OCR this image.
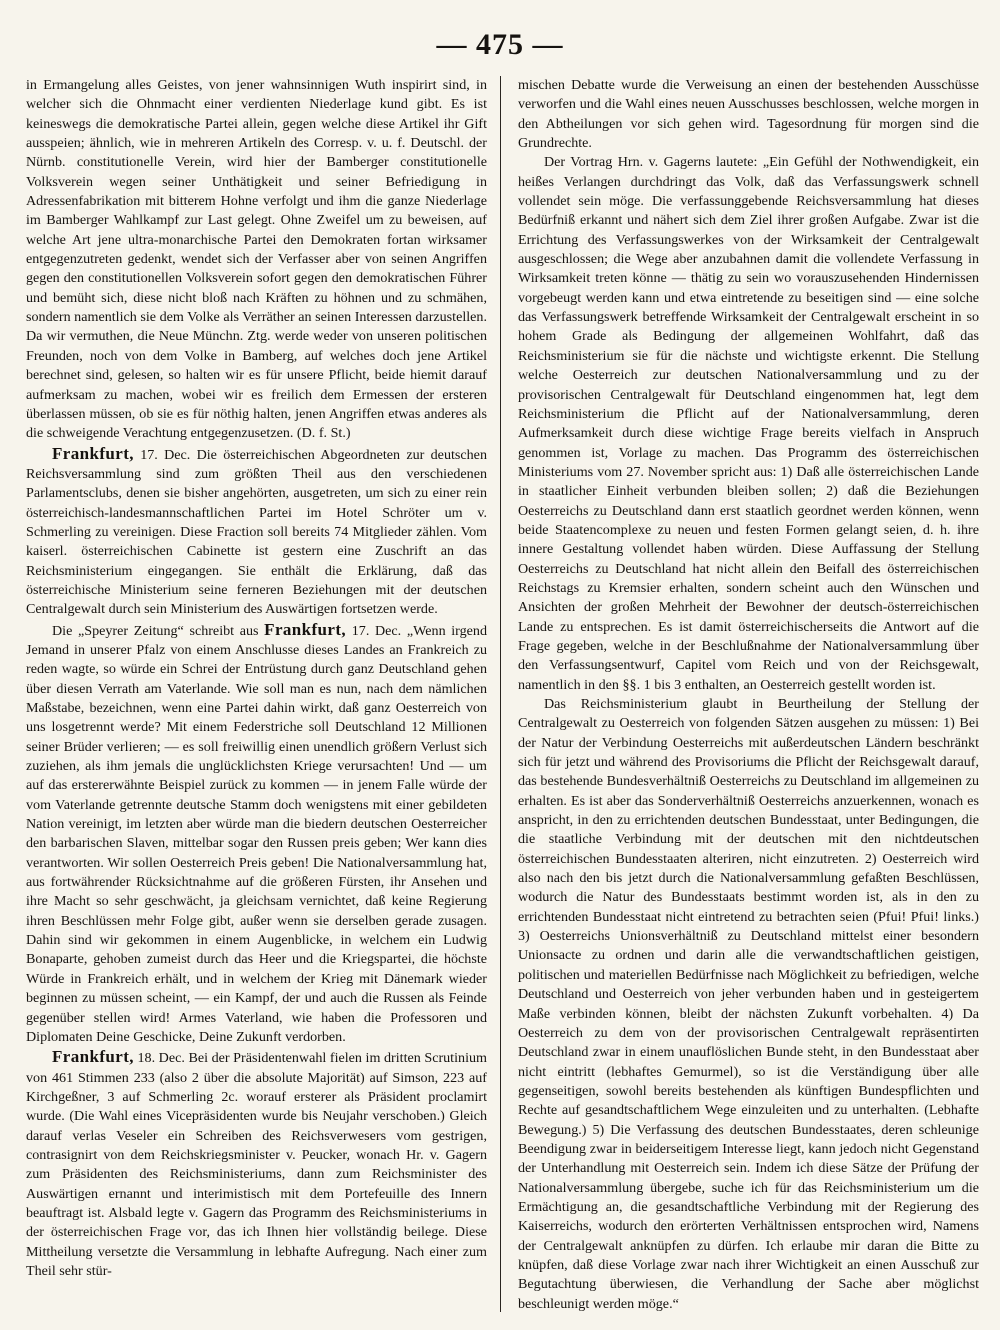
— 475 —

in Ermangelung alles Geistes, von jener wahnsinnigen Wuth inspirirt sind, in welcher sich die Ohnmacht einer verdienten Niederlage kund gibt. Es ist keineswegs die demokratische Partei allein, gegen welche diese Artikel ihr Gift ausspeien; ähnlich, wie in mehreren Artikeln des Corresp. v. u. f. Deutschl. der Nürnb. constitutionelle Verein, wird hier der Bamberger constitutionelle Volksverein wegen seiner Unthätigkeit und seiner Befriedigung in Adressenfabrikation mit bitterem Hohne verfolgt und ihm die ganze Niederlage im Bamberger Wahlkampf zur Last gelegt. Ohne Zweifel um zu beweisen, auf welche Art jene ultra-monarchische Partei den Demokraten fortan wirksamer entgegenzutreten gedenkt, wendet sich der Verfasser aber von seinen Angriffen gegen den constitutionellen Volksverein sofort gegen den demokratischen Führer und bemüht sich, diese nicht bloß nach Kräften zu höhnen und zu schmähen, sondern namentlich sie dem Volke als Verräther an seinen Interessen darzustellen. Da wir vermuthen, die Neue Münchn. Ztg. werde weder von unseren politischen Freunden, noch von dem Volke in Bamberg, auf welches doch jene Artikel berechnet sind, gelesen, so halten wir es für unsere Pflicht, beide hiemit darauf aufmerksam zu machen, wobei wir es freilich dem Ermessen der ersteren überlassen müssen, ob sie es für nöthig halten, jenen Angriffen etwas anderes als die schweigende Verachtung entgegenzusetzen. (D. f. St.)

Frankfurt, 17. Dec. Die österreichischen Abgeordneten zur deutschen Reichsversammlung sind zum größten Theil aus den verschiedenen Parlamentsclubs, denen sie bisher angehörten, ausgetreten, um sich zu einer rein österreichisch-landesmannschaftlichen Partei im Hotel Schröter um v. Schmerling zu vereinigen. Diese Fraction soll bereits 74 Mitglieder zählen. Vom kaiserl. österreichischen Cabinette ist gestern eine Zuschrift an das Reichsministerium eingegangen. Sie enthält die Erklärung, daß das österreichische Ministerium seine ferneren Beziehungen mit der deutschen Centralgewalt durch sein Ministerium des Auswärtigen fortsetzen werde.

Die „Speyrer Zeitung“ schreibt aus Frankfurt, 17. Dec. „Wenn irgend Jemand in unserer Pfalz von einem Anschlusse dieses Landes an Frankreich zu reden wagte, so würde ein Schrei der Entrüstung durch ganz Deutschland gehen über diesen Verrath am Vaterlande. Wie soll man es nun, nach dem nämlichen Maßstabe, bezeichnen, wenn eine Partei dahin wirkt, daß ganz Oesterreich von uns losgetrennt werde? Mit einem Federstriche soll Deutschland 12 Millionen seiner Brüder verlieren; — es soll freiwillig einen unendlich größern Verlust sich zuziehen, als ihm jemals die unglücklichsten Kriege verursachten! Und — um auf das erstererwähnte Beispiel zurück zu kommen — in jenem Falle würde der vom Vaterlande getrennte deutsche Stamm doch wenigstens mit einer gebildeten Nation vereinigt, im letzten aber würde man die biedern deutschen Oesterreicher den barbarischen Slaven, mittelbar sogar den Russen preis geben; Wer kann dies verantworten. Wir sollen Oesterreich Preis geben! Die Nationalversammlung hat, aus fortwährender Rücksichtnahme auf die größeren Fürsten, ihr Ansehen und ihre Macht so sehr geschwächt, ja gleichsam vernichtet, daß keine Regierung ihren Beschlüssen mehr Folge gibt, außer wenn sie derselben gerade zusagen. Dahin sind wir gekommen in einem Augenblicke, in welchem ein Ludwig Bonaparte, gehoben zumeist durch das Heer und die Kriegspartei, die höchste Würde in Frankreich erhält, und in welchem der Krieg mit Dänemark wieder beginnen zu müssen scheint, — ein Kampf, der und auch die Russen als Feinde gegenüber stellen wird! Armes Vaterland, wie haben die Professoren und Diplomaten Deine Geschicke, Deine Zukunft verdorben.

Frankfurt, 18. Dec. Bei der Präsidentenwahl fielen im dritten Scrutinium von 461 Stimmen 233 (also 2 über die absolute Majorität) auf Simson, 223 auf Kirchgeßner, 3 auf Schmerling 2c. worauf ersterer als Präsident proclamirt wurde. (Die Wahl eines Vicepräsidenten wurde bis Neujahr verschoben.) Gleich darauf verlas Veseler ein Schreiben des Reichsverwesers vom gestrigen, contrasignirt von dem Reichskriegsminister v. Peucker, wonach Hr. v. Gagern zum Präsidenten des Reichsministeriums, dann zum Reichsminister des Auswärtigen ernannt und interimistisch mit dem Portefeuille des Innern beauftragt ist. Alsbald legte v. Gagern das Programm des Reichsministeriums in der österreichischen Frage vor, das ich Ihnen hier vollständig beilege. Diese Mittheilung versetzte die Versammlung in lebhafte Aufregung. Nach einer zum Theil sehr stür-

mischen Debatte wurde die Verweisung an einen der bestehenden Ausschüsse verworfen und die Wahl eines neuen Ausschusses beschlossen, welche morgen in den Abtheilungen vor sich gehen wird. Tagesordnung für morgen sind die Grundrechte.

Der Vortrag Hrn. v. Gagerns lautete: „Ein Gefühl der Nothwendigkeit, ein heißes Verlangen durchdringt das Volk, daß das Verfassungswerk schnell vollendet sein möge. Die verfassunggebende Reichsversammlung hat dieses Bedürfniß erkannt und nähert sich dem Ziel ihrer großen Aufgabe. Zwar ist die Errichtung des Verfassungswerkes von der Wirksamkeit der Centralgewalt ausgeschlossen; die Wege aber anzubahnen damit die vollendete Verfassung in Wirksamkeit treten könne — thätig zu sein wo vorauszusehenden Hindernissen vorgebeugt werden kann und etwa eintretende zu beseitigen sind — eine solche das Verfassungswerk betreffende Wirksamkeit der Centralgewalt erscheint in so hohem Grade als Bedingung der allgemeinen Wohlfahrt, daß das Reichsministerium sie für die nächste und wichtigste erkennt. Die Stellung welche Oesterreich zur deutschen Nationalversammlung und zu der provisorischen Centralgewalt für Deutschland eingenommen hat, legt dem Reichsministerium die Pflicht auf der Nationalversammlung, deren Aufmerksamkeit durch diese wichtige Frage bereits vielfach in Anspruch genommen ist, Vorlage zu machen. Das Programm des österreichischen Ministeriums vom 27. November spricht aus: 1) Daß alle österreichischen Lande in staatlicher Einheit verbunden bleiben sollen; 2) daß die Beziehungen Oesterreichs zu Deutschland dann erst staatlich geordnet werden können, wenn beide Staatencomplexe zu neuen und festen Formen gelangt seien, d. h. ihre innere Gestaltung vollendet haben würden. Diese Auffassung der Stellung Oesterreichs zu Deutschland hat nicht allein den Beifall des österreichischen Reichstags zu Kremsier erhalten, sondern scheint auch den Wünschen und Ansichten der großen Mehrheit der Bewohner der deutsch-österreichischen Lande zu entsprechen. Es ist damit österreichischerseits die Antwort auf die Frage gegeben, welche in der Beschlußnahme der Nationalversammlung über den Verfassungsentwurf, Capitel vom Reich und von der Reichsgewalt, namentlich in den §§. 1 bis 3 enthalten, an Oesterreich gestellt worden ist.

Das Reichsministerium glaubt in Beurtheilung der Stellung der Centralgewalt zu Oesterreich von folgenden Sätzen ausgehen zu müssen: 1) Bei der Natur der Verbindung Oesterreichs mit außerdeutschen Ländern beschränkt sich für jetzt und während des Provisoriums die Pflicht der Reichsgewalt darauf, das bestehende Bundesverhältniß Oesterreichs zu Deutschland im allgemeinen zu erhalten. Es ist aber das Sonderverhältniß Oesterreichs anzuerkennen, wonach es anspricht, in den zu errichtenden deutschen Bundesstaat, unter Bedingungen, die die staatliche Verbindung mit der deutschen mit den nichtdeutschen österreichischen Bundesstaaten alteriren, nicht einzutreten. 2) Oesterreich wird also nach den bis jetzt durch die Nationalversammlung gefaßten Beschlüssen, wodurch die Natur des Bundesstaats bestimmt worden ist, als in den zu errichtenden Bundesstaat nicht eintretend zu betrachten seien (Pfui! Pfui! links.) 3) Oesterreichs Unionsverhältniß zu Deutschland mittelst einer besondern Unionsacte zu ordnen und darin alle die verwandtschaftlichen geistigen, politischen und materiellen Bedürfnisse nach Möglichkeit zu befriedigen, welche Deutschland und Oesterreich von jeher verbunden haben und in gesteigertem Maße verbinden können, bleibt der nächsten Zukunft vorbehalten. 4) Da Oesterreich zu dem von der provisorischen Centralgewalt repräsentirten Deutschland zwar in einem unauflöslichen Bunde steht, in den Bundesstaat aber nicht eintritt (lebhaftes Gemurmel), so ist die Verständigung über alle gegenseitigen, sowohl bereits bestehenden als künftigen Bundespflichten und Rechte auf gesandtschaftlichem Wege einzuleiten und zu unterhalten. (Lebhafte Bewegung.) 5) Die Verfassung des deutschen Bundesstaates, deren schleunige Beendigung zwar in beiderseitigem Interesse liegt, kann jedoch nicht Gegenstand der Unterhandlung mit Oesterreich sein. Indem ich diese Sätze der Prüfung der Nationalversammlung übergebe, suche ich für das Reichsministerium um die Ermächtigung an, die gesandtschaftliche Verbindung mit der Regierung des Kaiserreichs, wodurch den erörterten Verhältnissen entsprochen wird, Namens der Centralgewalt anknüpfen zu dürfen. Ich erlaube mir daran die Bitte zu knüpfen, daß diese Vorlage zwar nach ihrer Wichtigkeit an einen Ausschuß zur Begutachtung überwiesen, die Verhandlung der Sache aber möglichst beschleunigt werden möge.“
